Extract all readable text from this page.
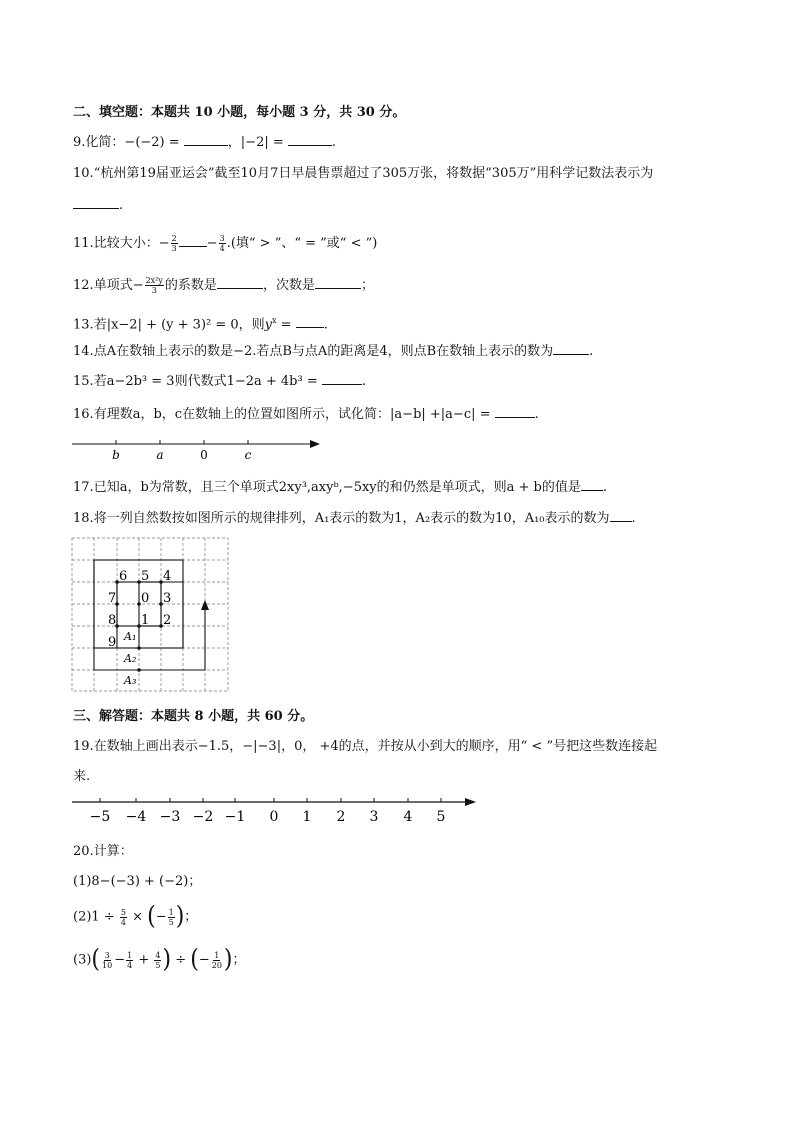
二、填空题：本题共 10 小题，每小题 3 分，共 30 分。
9.化简：−(−2) =	，|−2| =	.
10.“杭州第19届亚运会”截至10月7日早晨售票超过了305万张，将数据“305万”用科学记数法表示为
.
11.比较大小：− $\frac{2}{3} - \frac{3}{4}$ .(填“ > ”、“ = ”或“ < ”)
12.单项式− $\frac{\text{2x²y}}{3}$ 的系数是	，次数是	；
13.若|x−2| + (y + 3)² = 0，则$y^x$ = .
14.点A在数轴上表示的数是−2.若点B与点A的距离是4，则点B在数轴上表示的数为	.
15.若a−2b³ = 3则代数式1−2a + 4b³ =	.
16.有理数a，b，c在数轴上的位置如图所示，试化简：|a−b| +|a−c| =	.
b	a	0	c
17.已知a，b为常数，且三个单项式2xy³,axyᵇ,−5xy的和仍然是单项式，则a + b的值是 .
18.将一列自然数按如图所示的规律排列，A₁表示的数为1，A₂表示的数为10，A₁₀表示的数为 .
6 5 4
7 0 3
8 1 2
9 A₁
A₂
A₃
三、解答题：本题共 8 小题，共 60 分。
19.在数轴上画出表示−1.5，−|−3|，0， +4的点，并按从小到大的顺序，用“ < ”号把这些数连接起
来.
−5 −4 −3 −2 −1 0 1 2 3 4 5
20.计算：
(1)8−(−3) + (−2)；
$(2)1 \div \frac{5}{4}$ × (− $\frac{1}{5}$ )；
$(3)( \frac{3}{10} - \frac{1}{4} + \frac{4}{5}$ ) ÷ (− $\frac{1}{20}$ )；
